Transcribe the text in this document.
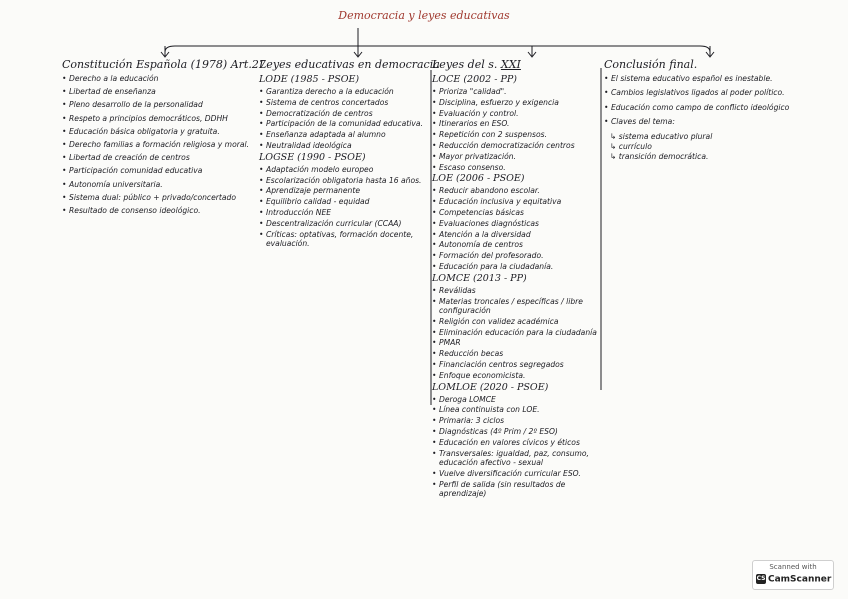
Democracia y leyes educativas
Constitución Española (1978) Art.27
• Derecho a la educación
• Libertad de enseñanza
• Pleno desarrollo de la personalidad
• Respeto a principios democráticos, DDHH
• Educación básica obligatoria y gratuita.
• Derecho familias a formación religiosa y moral.
• Libertad de creación de centros
• Participación comunidad educativa
• Autonomía universitaria.
• Sistema dual: público + privado/concertado
• Resultado de consenso ideológico.
Leyes educativas en democracia
LODE (1985 - PSOE)
• Garantiza derecho a la educación
• Sistema de centros concertados
• Democratización de centros
• Participación de la comunidad educativa.
• Enseñanza adaptada al alumno
• Neutralidad ideológica
LOGSE (1990 - PSOE)
• Adaptación modelo europeo
• Escolarización obligatoria hasta 16 años.
• Aprendizaje permanente
• Equilibrio calidad - equidad
• Introducción NEE
• Descentralización curricular (CCAA)
• Críticas: optativas, formación docente, evaluación.
Leyes del s. XXI
LOCE (2002 - PP)
• Prioriza "calidad".
• Disciplina, esfuerzo y exigencia
• Evaluación y control.
• Itinerarios en ESO.
• Repetición con 2 suspensos.
• Reducción democratización centros
• Mayor privatización.
• Escaso consenso.
LOE (2006 - PSOE)
• Reducir abandono escolar.
• Educación inclusiva y equitativa
• Competencias básicas
• Evaluaciones diagnósticas
• Atención a la diversidad
• Autonomía de centros
• Formación del profesorado.
• Educación para la ciudadanía.
LOMCE (2013 - PP)
• Reválidas
• Materias troncales / específicas / libre configuración
• Religión con validez académica
• Eliminación educación para la ciudadanía
• PMAR
• Reducción becas
• Financiación centros segregados
• Enfoque economicista.
LOMLOE (2020 - PSOE)
• Deroga LOMCE
• Línea continuista con LOE.
• Primaria: 3 ciclos
• Diagnósticas (4º Prim / 2º ESO)
• Educación en valores cívicos y éticos
• Transversales: igualdad, paz, consumo, educación afectivo - sexual
• Vuelve diversificación curricular ESO.
• Perfil de salida (sin resultados de aprendizaje)
Conclusión final.
• El sistema educativo español es inestable.
• Cambios legislativos ligados al poder político.
• Educación como campo de conflicto ideológico
• Claves del tema:
↳ sistema educativo plural
↳ currículo
↳ transición democrática.
Scanned with
CS CamScanner
